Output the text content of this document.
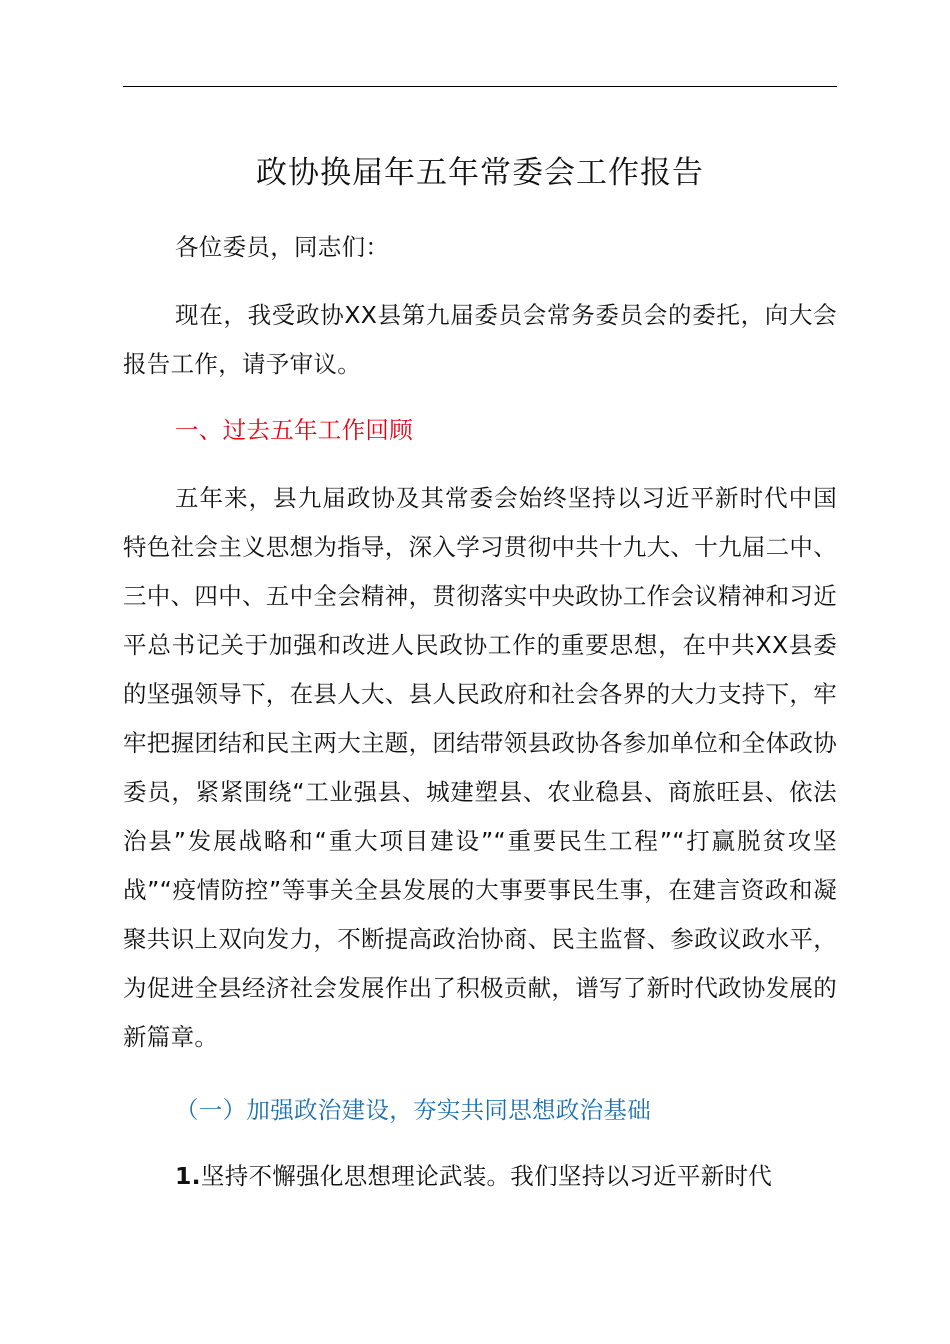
政协换届年五年常委会工作报告

各位委员，同志们：

现在，我受政协XX县第九届委员会常务委员会的委托，向大会报告工作，请予审议。

一、过去五年工作回顾

五年来，县九届政协及其常委会始终坚持以习近平新时代中国特色社会主义思想为指导，深入学习贯彻中共十九大、十九届二中、三中、四中、五中全会精神，贯彻落实中央政协工作会议精神和习近平总书记关于加强和改进人民政协工作的重要思想，在中共XX县委的坚强领导下，在县人大、县人民政府和社会各界的大力支持下，牢牢把握团结和民主两大主题，团结带领县政协各参加单位和全体政协委员，紧紧围绕“工业强县、城建塑县、农业稳县、商旅旺县、依法治县”发展战略和“重大项目建设”“重要民生工程”“打赢脱贫攻坚战”“疫情防控”等事关全县发展的大事要事民生事，在建言资政和凝聚共识上双向发力，不断提高政治协商、民主监督、参政议政水平，为促进全县经济社会发展作出了积极贡献，谱写了新时代政协发展的新篇章。

（一）加强政治建设，夯实共同思想政治基础

1.坚持不懈强化思想理论武装。我们坚持以习近平新时代
